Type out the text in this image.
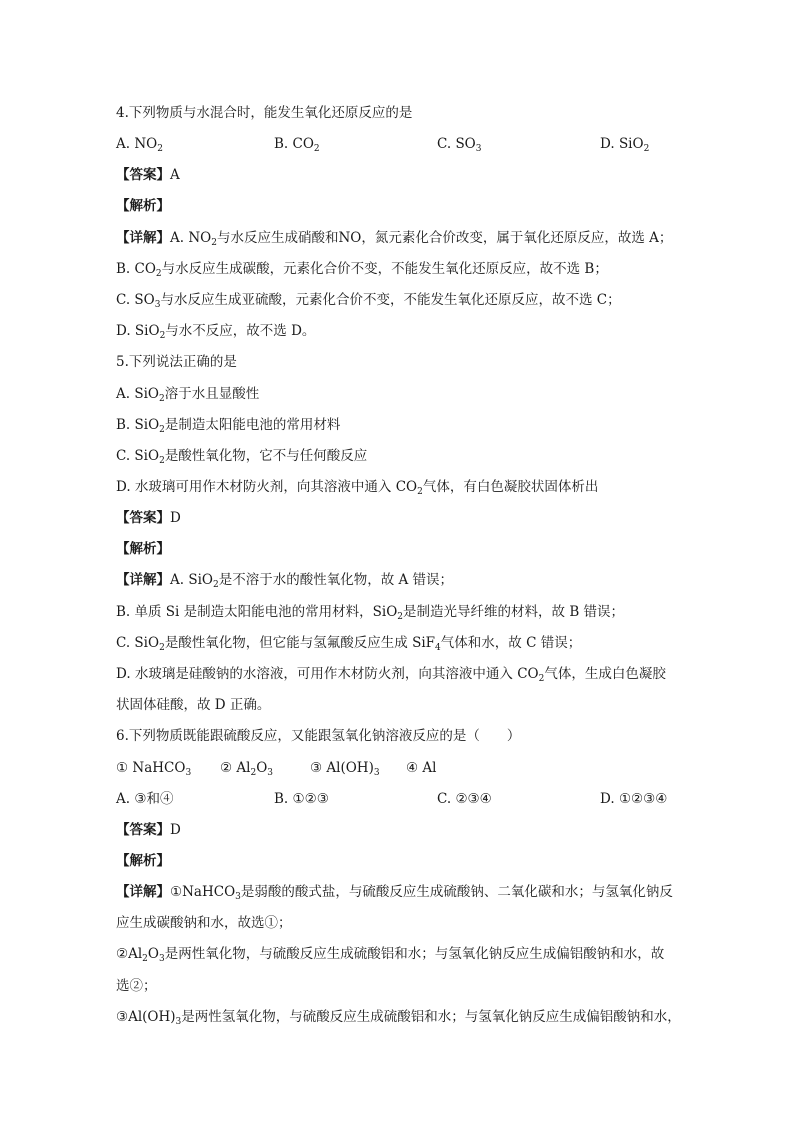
4.下列物质与水混合时，能发生氧化还原反应的是
A. $NO_2$	B. $CO_2$	C. $SO_3$	D. SiO$_2$
【答案】A
【解析】
【详解】A. $NO_2$与水反应生成硝酸和NO，氮元素化合价改变，属于氧化还原反应，故选 A；
B. $CO_2$与水反应生成碳酸，元素化合价不变，不能发生氧化还原反应，故不选 B；
C. $SO_3$与水反应生成亚硫酸，元素化合价不变，不能发生氧化还原反应，故不选 C；
D. SiO$_2$与水不反应，故不选 D。
5.下列说法正确的是
A. SiO$_2$溶于水且显酸性
B. SiO$_2$是制造太阳能电池的常用材料
C. SiO$_2$是酸性氧化物，它不与任何酸反应
D. 水玻璃可用作木材防火剂，向其溶液中通入 $CO_2$气体，有白色凝胶状固体析出
【答案】D
【解析】
【详解】A. SiO$_2$是不溶于水的酸性氧化物，故 A 错误；
B. 单质 Si 是制造太阳能电池的常用材料，SiO$_2$是制造光导纤维的材料，故 B 错误；
C. SiO$_2$是酸性氧化物，但它能与氢氟酸反应生成 SiF$_4$气体和水，故 C 错误；
D. 水玻璃是硅酸钠的水溶液，可用作木材防火剂，向其溶液中通入 $CO_2$气体，生成白色凝胶
状固体硅酸，故 D 正确。
6.下列物质既能跟硫酸反应，又能跟氢氧化钠溶液反应的是（　　）
① NaHCO$_3$ ② $Al_2O_3$	③ $Al(OH)_3$ ④ Al
A. ③和④	B. ①②③	C. ②③④	D. ①②③④
【答案】D
【解析】
【详解】①NaHCO$_3$是弱酸的酸式盐，与硫酸反应生成硫酸钠、二氧化碳和水；与氢氧化钠反
应生成碳酸钠和水，故选①；
$②Al_2O_3$是两性氧化物，与硫酸反应生成硫酸铝和水；与氢氧化钠反应生成偏铝酸钠和水，故
选②；
$③Al(OH)_3$是两性氢氧化物，与硫酸反应生成硫酸铝和水；与氢氧化钠反应生成偏铝酸钠和水，
